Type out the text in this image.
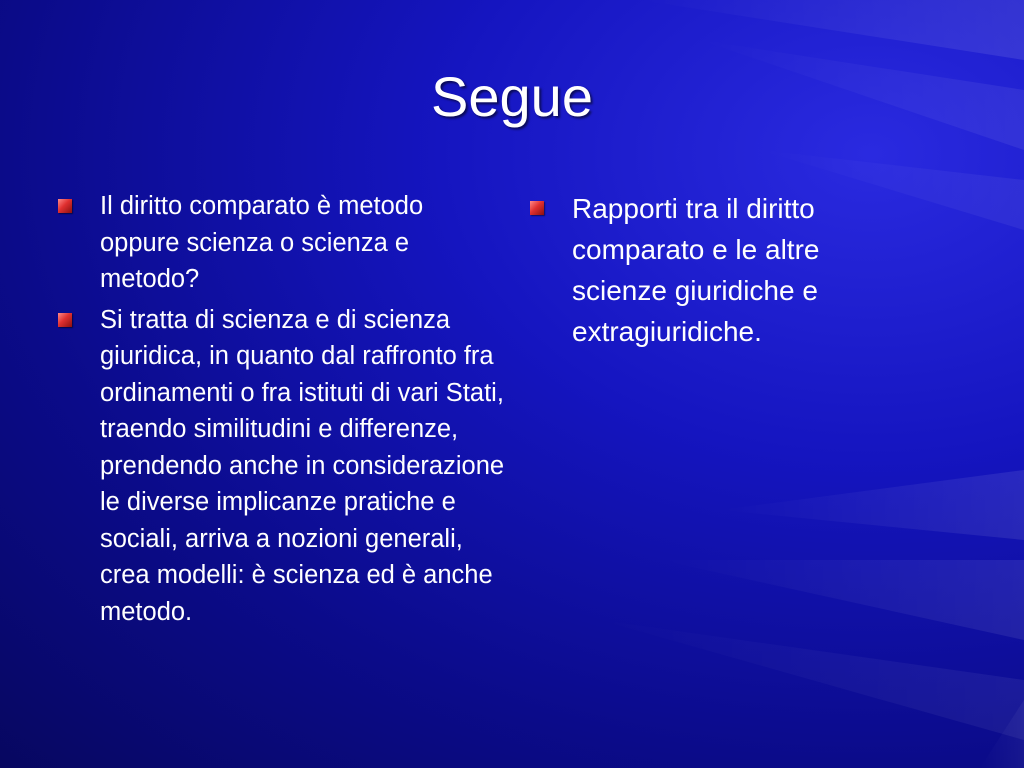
Segue
Il diritto comparato è metodo oppure scienza o scienza e metodo?
Si tratta di scienza e di scienza giuridica, in quanto dal raffronto fra ordinamenti o fra istituti di vari Stati, traendo similitudini e differenze, prendendo anche in considerazione le diverse implicanze pratiche e sociali, arriva a nozioni generali, crea modelli: è scienza ed è anche metodo.
Rapporti tra il diritto comparato e le altre scienze giuridiche e extragiuridiche.
